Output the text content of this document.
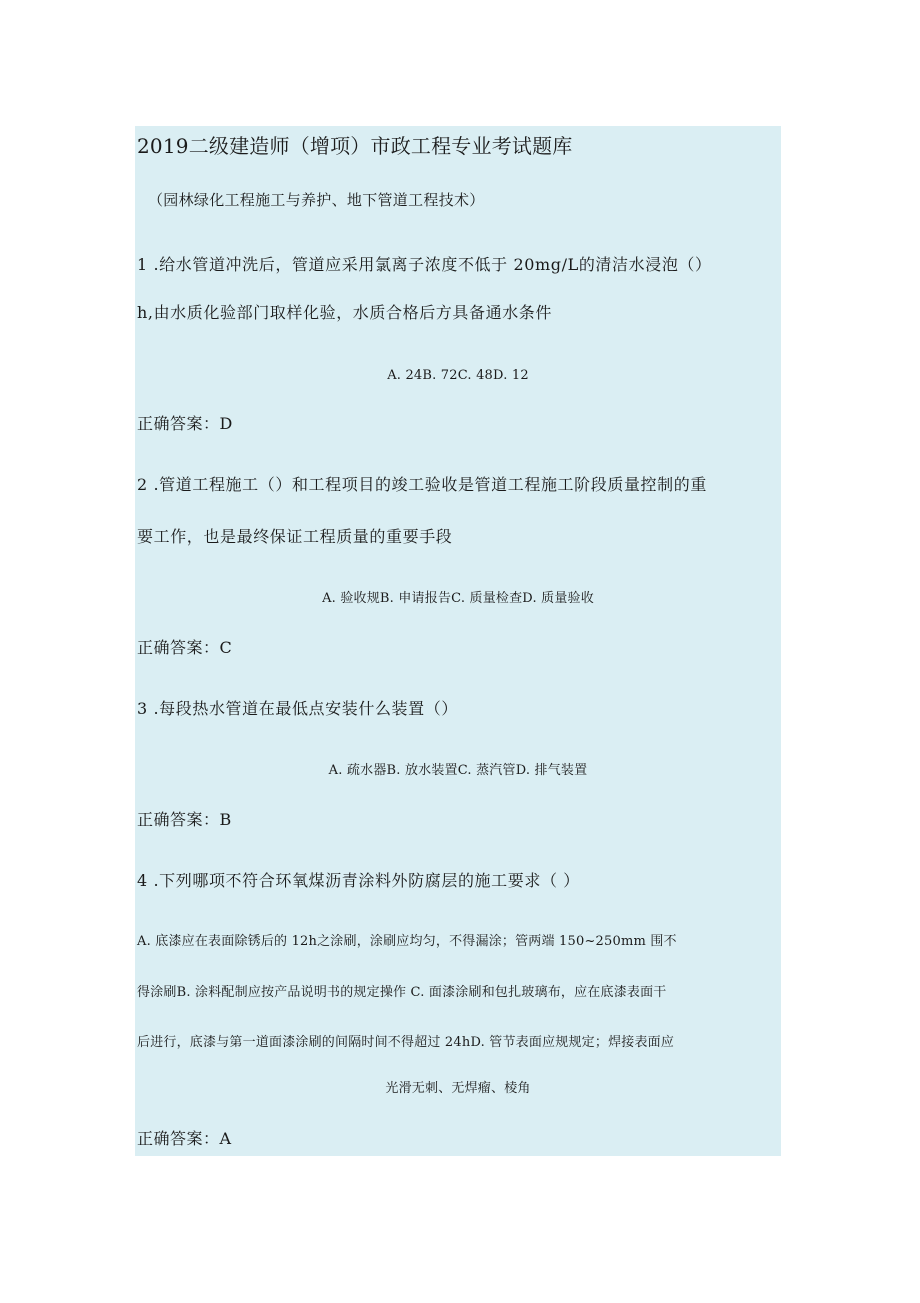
2019二级建造师（增项）市政工程专业考试题库
（园林绿化工程施工与养护、地下管道工程技术）
1 .给水管道冲洗后，管道应采用氯离子浓度不低于 20mg/L的清洁水浸泡（）
h,由水质化验部门取样化验，水质合格后方具备通水条件
A. 24B. 72C. 48D. 12
正确答案：D
2 .管道工程施工（）和工程项目的竣工验收是管道工程施工阶段质量控制的重
要工作，也是最终保证工程质量的重要手段
A. 验收规B. 申请报告C. 质量检查D. 质量验收
正确答案：C
3 .每段热水管道在最低点安装什么装置（）
A. 疏水器B. 放水装置C. 蒸汽管D. 排气装置
正确答案：B
4 .下列哪项不符合环氧煤沥青涂料外防腐层的施工要求（ ）
A. 底漆应在表面除锈后的 12h之涂刷，涂刷应均匀，不得漏涂；管两端 150~250mm 围不
得涂刷B. 涂料配制应按产品说明书的规定操作 C. 面漆涂刷和包扎玻璃布，应在底漆表面干
后进行，底漆与第一道面漆涂刷的间隔时间不得超过 24hD. 管节表面应规规定；焊接表面应
光滑无刺、无焊瘤、棱角
正确答案：A
